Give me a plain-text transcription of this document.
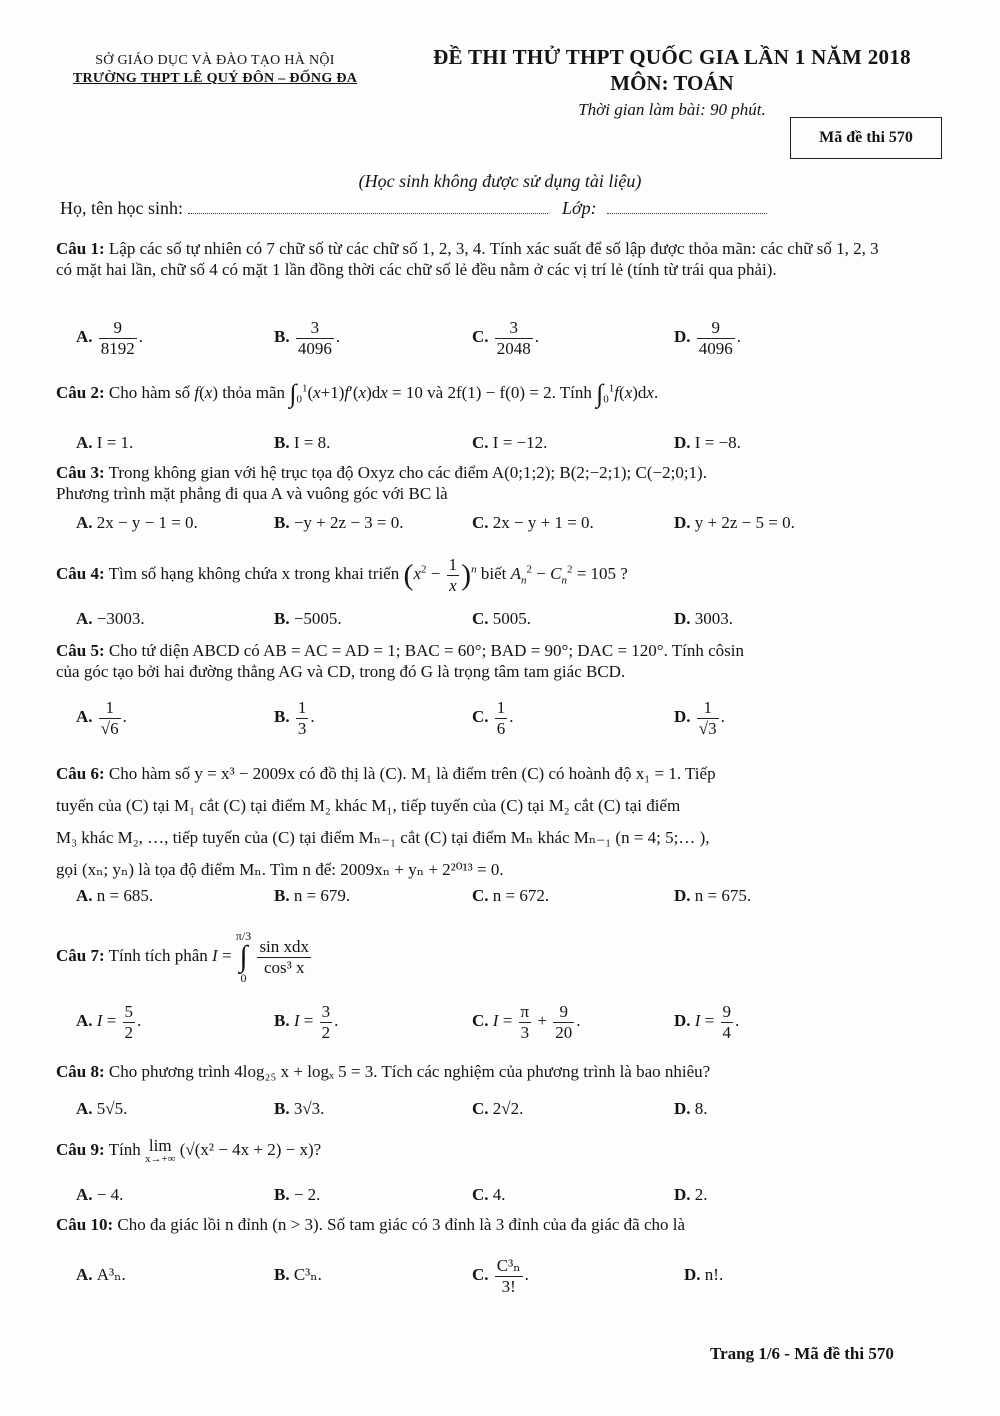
SỞ GIÁO DỤC VÀ ĐÀO TẠO HÀ NỘI
TRƯỜNG THPT LÊ QUÝ ĐÔN – ĐỐNG ĐA
ĐỀ THI THỬ THPT QUỐC GIA LẦN 1 NĂM 2018
MÔN: TOÁN
Thời gian làm bài: 90 phút.
Mã đề thi 570
(Học sinh không được sử dụng tài liệu)
Họ, tên học sinh:	Lớp:
Câu 1: Lập các số tự nhiên có 7 chữ số từ các chữ số 1, 2, 3, 4. Tính xác suất để số lập được thỏa mãn: các chữ số 1, 2, 3 có mặt hai lần, chữ số 4 có mặt 1 lần đồng thời các chữ số lẻ đều nằm ở các vị trí lẻ (tính từ trái qua phải).
A. $\frac{9}{8192}$ .	B. $\frac{3}{4096}$ .	C. $\frac{3}{2048}$ .	D. $\frac{9}{4096}$ .
Câu 2: Cho hàm số f(x) thỏa mãn $\int_0^1(x+1)f'(x)dx = 10$ và 2f(1) − f(0) = 2. Tính $\int_0^1f(x)dx$.
A. I = 1.	B. I = 8.	C. I = −12.	D. I = −8.
Câu 3: Trong không gian với hệ trục tọa độ Oxyz cho các điểm A(0;1;2); B(2;−2;1); C(−2;0;1).
Phương trình mặt phẳng đi qua A và vuông góc với BC là
A. 2x − y − 1 = 0.	B. −y + 2z − 3 = 0.	C. 2x − y + 1 = 0.	D. y + 2z − 5 = 0.
Câu 4: Tìm số hạng không chứa x trong khai triển $(x^2 - \frac{1}{x} )^n$ biết $A_n^2 - C_n^2 = 105$ ?
A. −3003.	B. −5005.	C. 5005.	D. 3003.
Câu 5: Cho tứ diện ABCD có AB = AC = AD = 1; BAC = 60°; BAD = 90°; DAC = 120°. Tính côsin
của góc tạo bởi hai đường thẳng AG và CD, trong đó G là trọng tâm tam giác BCD.
A. $\frac{1}{√6}$ .	B. $\frac{1}{3}$ .	C. $\frac{1}{6}$ .	D. $\frac{1}{√3}$ .
Câu 6: Cho hàm số y = x³ − 2009x có đồ thị là (C). M₁ là điểm trên (C) có hoành độ x₁ = 1. Tiếp
tuyến của (C) tại M₁ cắt (C) tại điểm M₂ khác M₁, tiếp tuyến của (C) tại M₂ cắt (C) tại điểm
M₃ khác M₂, …, tiếp tuyến của (C) tại điểm Mₙ₋₁ cắt (C) tại điểm Mₙ khác Mₙ₋₁ (n = 4; 5;… ),
gọi (xₙ; yₙ) là tọa độ điểm Mₙ. Tìm n để: 2009xₙ + yₙ + 2²⁰¹³ = 0.
A. n = 685.	B. n = 679.	C. n = 672.	D. n = 675.
Câu 7: Tính tích phân I =
π/3
∫
0

$\frac{\text{sin xdx}}{\text{cos³ x}}$
A. $I = \frac{5}{2}$ .	B. $I = \frac{3}{2}$ .	C. $I = \frac{\pi}{3} + \frac{9}{20}$ .	D. $I = \frac{9}{4}$ .
Câu 8: Cho phương trình 4log₂₅ x + logₓ 5 = 3. Tích các nghiệm của phương trình là bao nhiêu?
A. 5√5.	B. 3√3.	C. 2√2.	D. 8.
Câu 9: Tính lim
x→+∞
(√(x² − 4x + 2) − x)?
A. − 4.	B. − 2.	C. 4.	D. 2.
Câu 10: Cho đa giác lồi n đỉnh (n > 3). Số tam giác có 3 đỉnh là 3 đỉnh của đa giác đã cho là
A. A³ₙ.	B. C³ₙ.	C. $\frac{\text{C³ₙ}}{3!}$ .	D. n!.
Trang 1/6 - Mã đề thi 570
